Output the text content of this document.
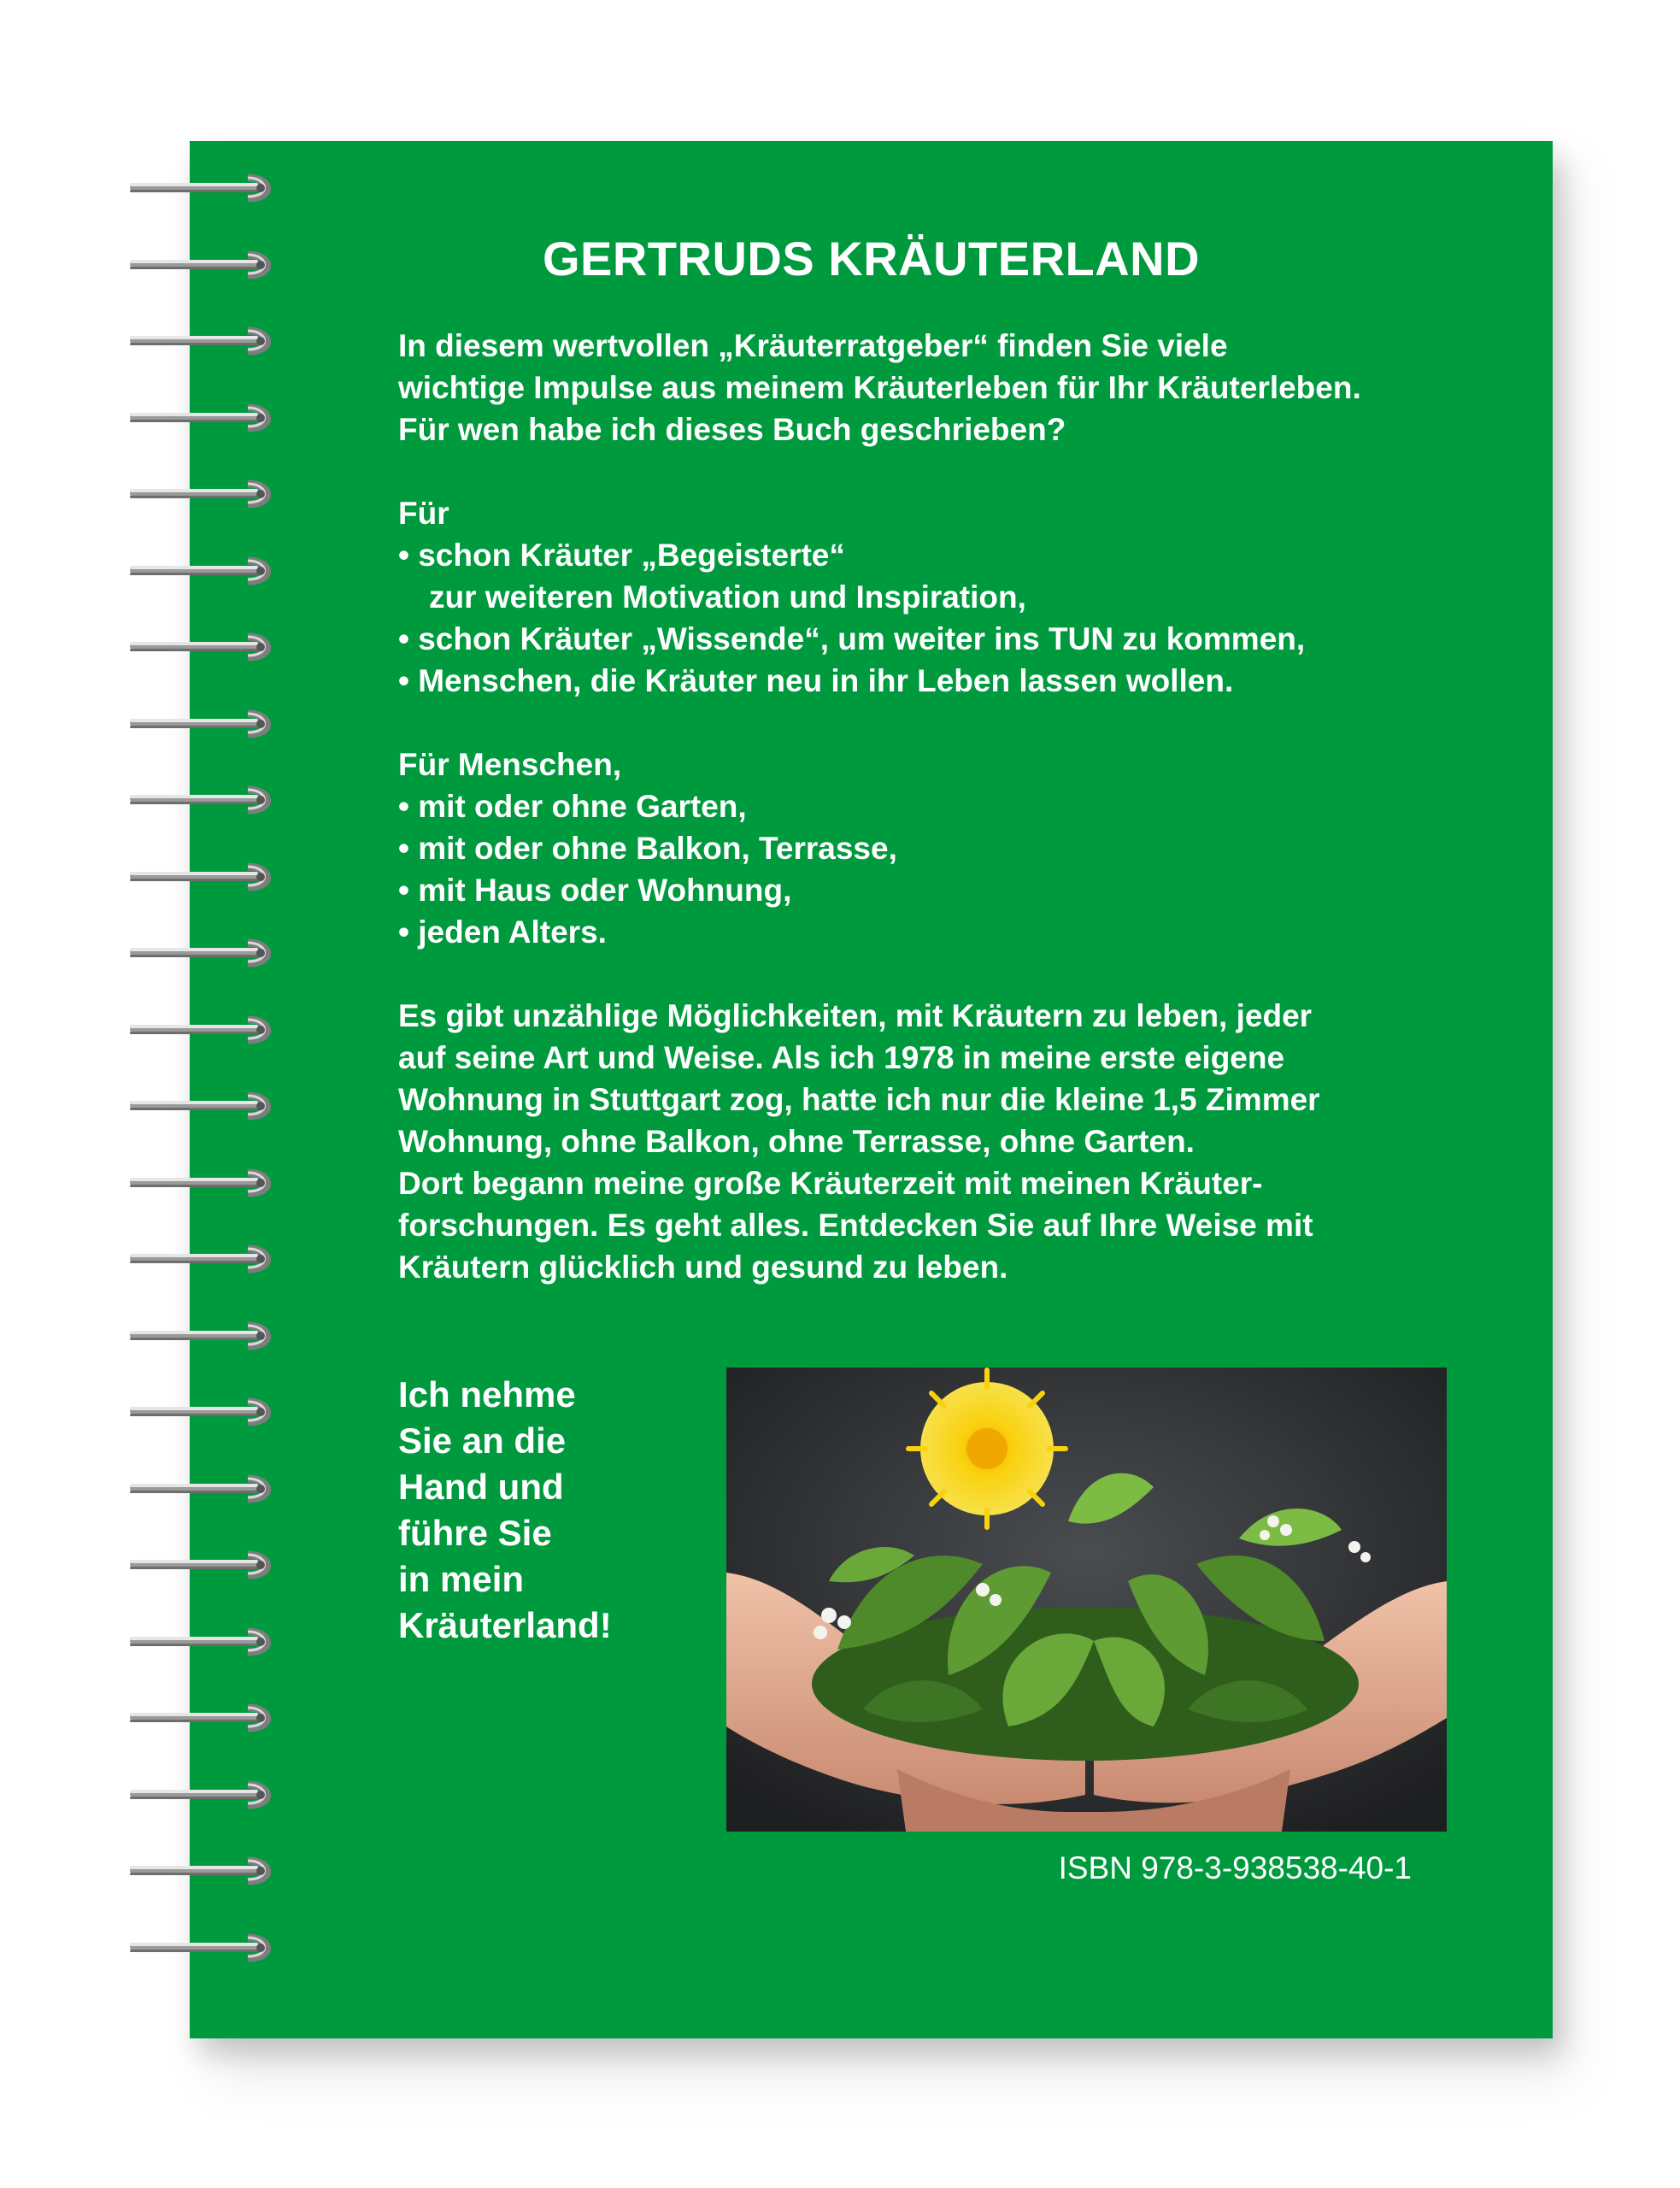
GERTRUDS KRÄUTERLAND

In diesem wertvollen „Kräuterratgeber“ finden Sie viele
wichtige Impulse aus meinem Kräuterleben für Ihr Kräuterleben.
Für wen habe ich dieses Buch geschrieben?

Für
• schon Kräuter „Begeisterte“
zur weiteren Motivation und Inspiration,
• schon Kräuter „Wissende“, um weiter ins TUN zu kommen,
• Menschen, die Kräuter neu in ihr Leben lassen wollen.

Für Menschen,
• mit oder ohne Garten,
• mit oder ohne Balkon, Terrasse,
• mit Haus oder Wohnung,
• jeden Alters.

Es gibt unzählige Möglichkeiten, mit Kräutern zu leben, jeder
auf seine Art und Weise. Als ich 1978 in meine erste eigene
Wohnung in Stuttgart zog, hatte ich nur die kleine 1,5 Zimmer
Wohnung, ohne Balkon, ohne Terrasse, ohne Garten.
Dort begann meine große Kräuterzeit mit meinen Kräuter-
forschungen. Es geht alles. Entdecken Sie auf Ihre Weise mit
Kräutern glücklich und gesund zu leben.

Ich nehme
Sie an die
Hand und
führe Sie
in mein
Kräuterland!
ISBN 978-3-938538-40-1
